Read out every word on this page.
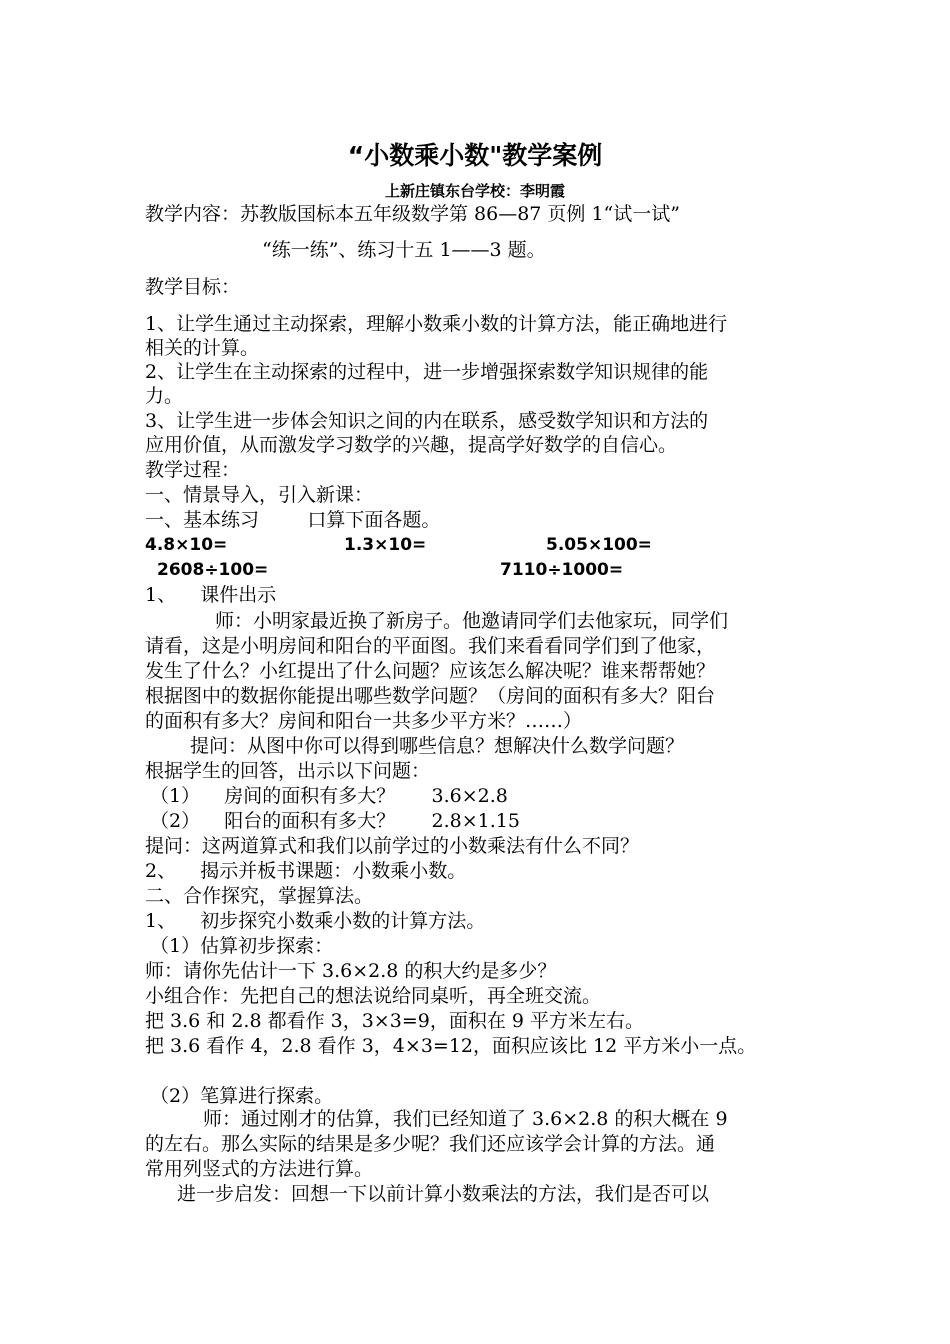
“小数乘小数"教学案例
上新庄镇东台学校：李明霞
教学内容：苏教版国标本五年级数学第 86—87 页例 1“试一试”
“练一练”、练习十五 1——3 题。
教学目标：
1、让学生通过主动探索，理解小数乘小数的计算方法，能正确地进行
相关的计算。
2、让学生在主动探索的过程中，进一步增强探索数学知识规律的能
力。
3、让学生进一步体会知识之间的内在联系，感受数学知识和方法的
应用价值，从而激发学习数学的兴趣，提高学好数学的自信心。
教学过程：
一、情景导入，引入新课：
一、基本练习        口算下面各题。
4.8×10=	1.3×10=	5.05×100=
2608÷100=	7110÷1000=
1、    课件出示
师：小明家最近换了新房子。他邀请同学们去他家玩，同学们
请看，这是小明房间和阳台的平面图。我们来看看同学们到了他家，
发生了什么？小红提出了什么问题？应该怎么解决呢？谁来帮帮她？
根据图中的数据你能提出哪些数学问题？（房间的面积有多大？阳台
的面积有多大？房间和阳台一共多少平方米？……）
提问：从图中你可以得到哪些信息？想解决什么数学问题？
根据学生的回答，出示以下问题：
（1）    房间的面积有多大？      3.6×2.8
（2）    阳台的面积有多大？      2.8×1.15
提问：这两道算式和我们以前学过的小数乘法有什么不同？
2、    揭示并板书课题：小数乘小数。
二、合作探究，掌握算法。
1、    初步探究小数乘小数的计算方法。
（1）估算初步探索：
师：请你先估计一下 3.6×2.8 的积大约是多少？
小组合作：先把自己的想法说给同桌听，再全班交流。
把 3.6 和 2.8 都看作 3，3×3=9，面积在 9 平方米左右。
把 3.6 看作 4，2.8 看作 3，4×3=12，面积应该比 12 平方米小一点。
（2）笔算进行探索。
师：通过刚才的估算，我们已经知道了 3.6×2.8 的积大概在 9
的左右。那么实际的结果是多少呢？我们还应该学会计算的方法。通
常用列竖式的方法进行算。
进一步启发：回想一下以前计算小数乘法的方法，我们是否可以
